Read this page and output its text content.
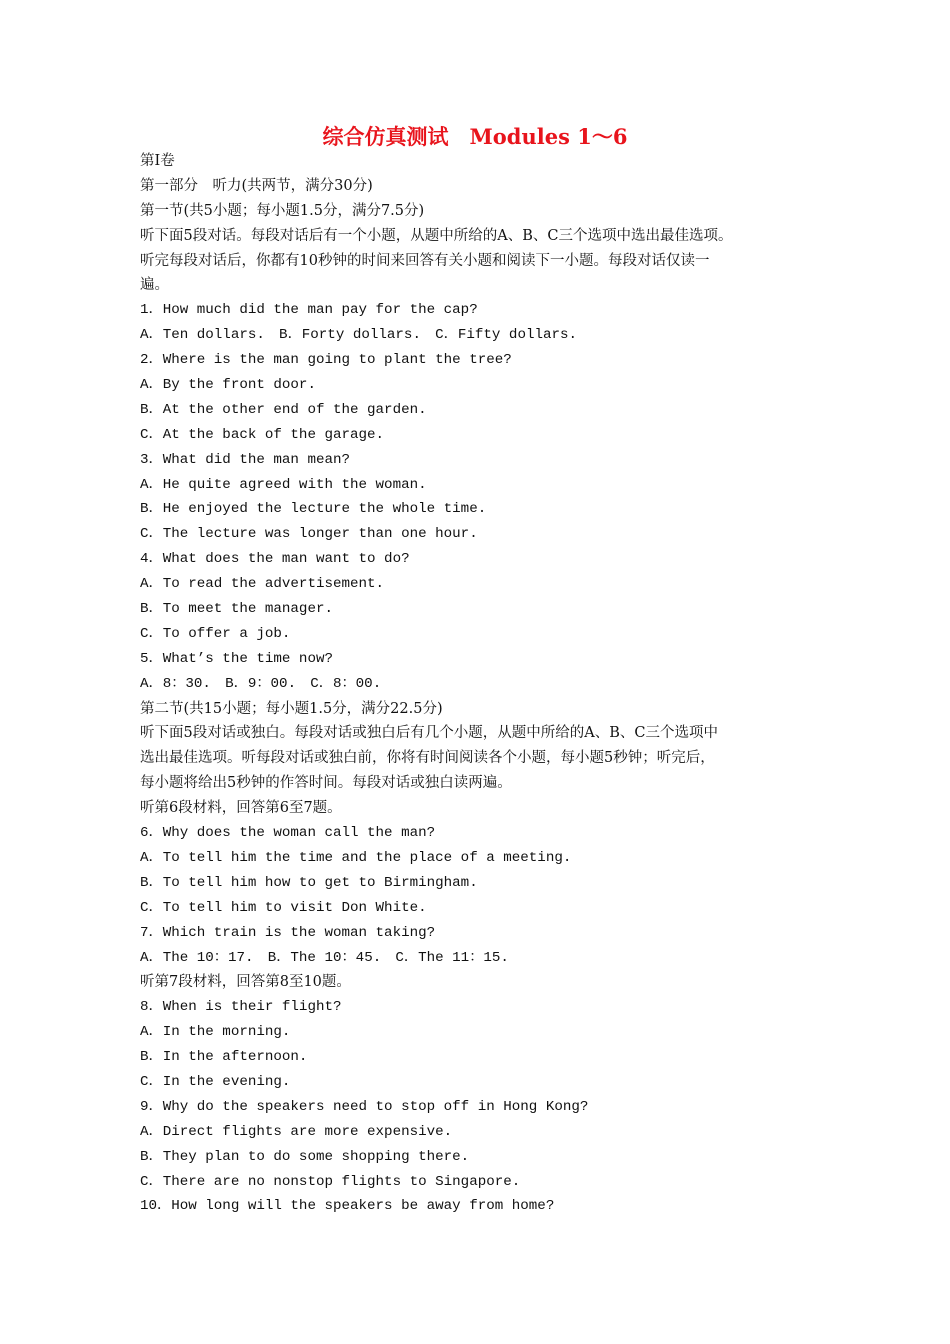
综合仿真测试　Modules 1～6
第Ⅰ卷
第一部分　听力(共两节，满分30分)
第一节(共5小题；每小题1.5分，满分7.5分)
听下面5段对话。每段对话后有一个小题，从题中所给的A、B、C三个选项中选出最佳选项。
听完每段对话后，你都有10秒钟的时间来回答有关小题和阅读下一小题。每段对话仅读一
遍。
1．How much did the man pay for the cap?
A．Ten dollars.　B．Forty dollars.　C．Fifty dollars.
2．Where is the man going to plant the tree?
A．By the front door.
B．At the other end of the garden.
C．At the back of the garage.
3．What did the man mean?
A．He quite agreed with the woman.
B．He enjoyed the lecture the whole time.
C．The lecture was longer than one hour.
4．What does the man want to do?
A．To read the advertisement.
B．To meet the manager.
C．To offer a job.
5．What’s the time now?
A．8：30.　B．9：00.　C．8：00.
第二节(共15小题；每小题1.5分，满分22.5分)
听下面5段对话或独白。每段对话或独白后有几个小题，从题中所给的A、B、C三个选项中
选出最佳选项。听每段对话或独白前，你将有时间阅读各个小题，每小题5秒钟；听完后，
每小题将给出5秒钟的作答时间。每段对话或独白读两遍。
听第6段材料，回答第6至7题。
6．Why does the woman call the man?
A．To tell him the time and the place of a meeting.
B．To tell him how to get to Birmingham.
C．To tell him to visit Don White.
7．Which train is the woman taking?
A．The 10：17.　B．The 10：45.　C．The 11：15.
听第7段材料，回答第8至10题。
8．When is their flight?
A．In the morning.
B．In the afternoon.
C．In the evening.
9．Why do the speakers need to stop off in Hong Kong?
A．Direct flights are more expensive.
B．They plan to do some shopping there.
C．There are no nonstop flights to Singapore.
10．How long will the speakers be away from home?
